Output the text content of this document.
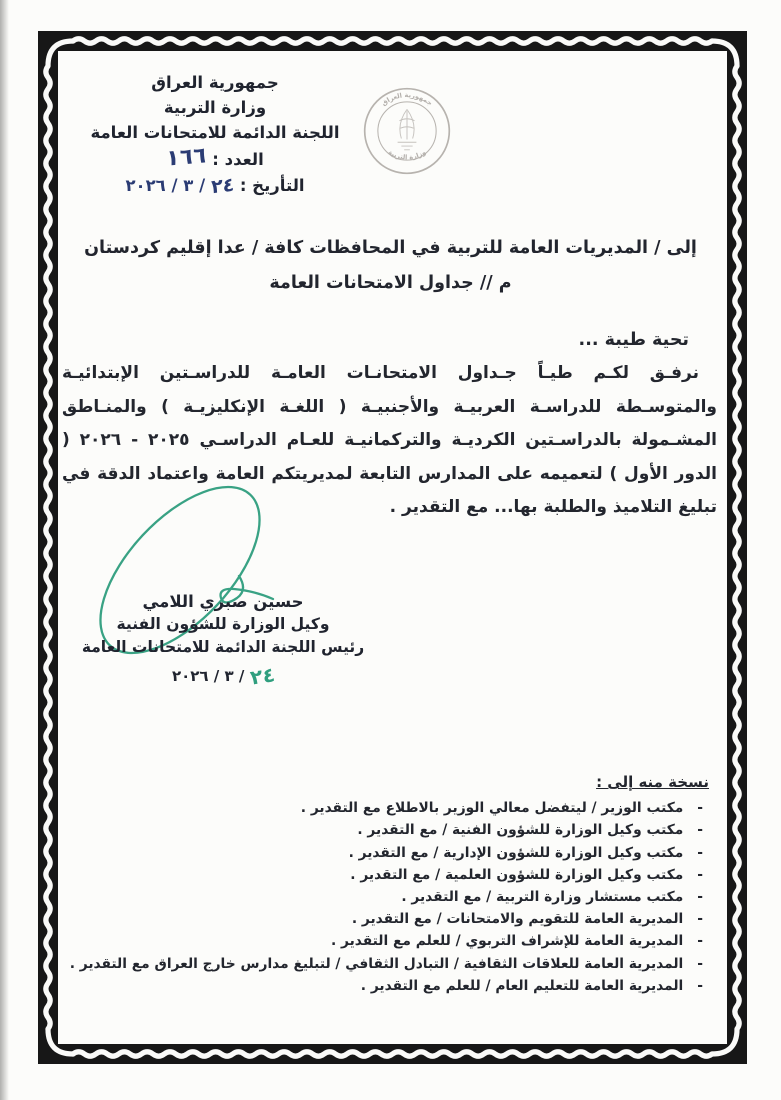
جمهورية العراق
وزارة التربية
اللجنة الدائمة للامتحانات العامة
العدد : ١٦٦
التأريخ : ٢٤ / ٣ / ٢٠٢٦
جمهورية العراق
وزارة التربية
إلى / المديريات العامة للتربية في المحافظات كافة / عدا إقليم كردستان
م // جداول الامتحانات العامة
تحية طيبة ...

نرفـق لكـم طيـاً جـداول الامتحانـات العامـة للدراسـتين الإبتدائيـة والمتوسـطة للدراسـة العربيـة والأجنبيـة ( اللغـة الإنكليزيـة ) والمنـاطق المشـمولة بالدراسـتين الكرديـة والتركمانيـة للعـام الدراسـي ٢٠٢٥ - ٢٠٢٦ ( الدور الأول ) لتعميمه على المدارس التابعة لمديريتكم العامة واعتماد الدقة في تبليغ التلاميذ والطلبة بها... مع التقدير .

حسين صبري اللامي
وكيل الوزارة للشؤون الفنية
رئيس اللجنة الدائمة للامتحانات العامة
٢٤ / ٣ / ٢٠٢٦
نسخة منه إلى :
-مكتب الوزير / ليتفضل معالي الوزير بالاطلاع مع التقدير .
-مكتب وكيل الوزارة للشؤون الفنية / مع التقدير .
-مكتب وكيل الوزارة للشؤون الإدارية / مع التقدير .
-مكتب وكيل الوزارة للشؤون العلمية / مع التقدير .
-مكتب مستشار وزارة التربية / مع التقدير .
-المديرية العامة للتقويم والامتحانات / مع التقدير .
-المديرية العامة للإشراف التربوي / للعلم مع التقدير .
-المديرية العامة للعلاقات الثقافية / التبادل الثقافي / لتبليغ مدارس خارج العراق مع التقدير .
-المديرية العامة للتعليم العام / للعلم مع التقدير .
